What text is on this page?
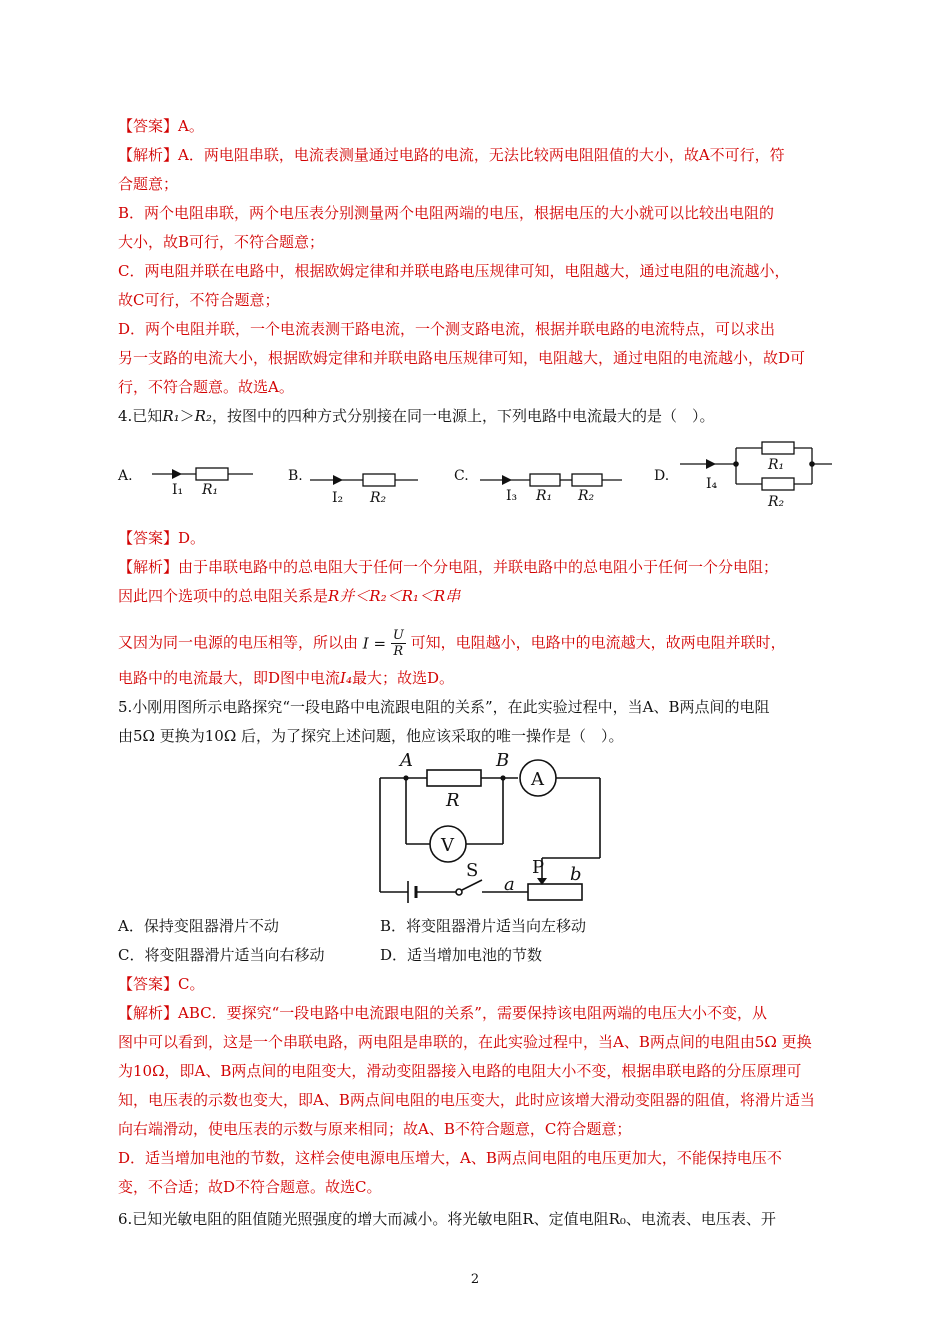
【答案】A。
【解析】A．两电阻串联，电流表测量通过电路的电流，无法比较两电阻阻值的大小，故A不可行，符
合题意；
B．两个电阻串联，两个电压表分别测量两个电阻两端的电压，根据电压的大小就可以比较出电阻的
大小，故B可行，不符合题意；
C．两电阻并联在电路中，根据欧姆定律和并联电路电压规律可知，电阻越大，通过电阻的电流越小，
故C可行，不符合题意；
D．两个电阻并联，一个电流表测干路电流，一个测支路电流，根据并联电路的电流特点，可以求出
另一支路的电流大小，根据欧姆定律和并联电路电压规律可知，电阻越大，通过电阻的电流越小，故D可
行，不符合题意。故选A。
4.已知R₁＞R₂，按图中的四种方式分别接在同一电源上，下列电路中电流最大的是（　）。
A.
I₁ R₁
B.
I₂ R₂
C.
I₃ R₁ R₂
D.	I₄
R₁
R₂
【答案】D。
【解析】由于串联电路中的总电阻大于任何一个分电阻，并联电路中的总电阻小于任何一个分电阻；
因此四个选项中的总电阻关系是R并＜R₂＜R₁＜R串
又因为同一电源的电压相等，所以由 $I = \frac{U}{R}$ 可知，电阻越小，电路中的电流越大，故两电阻并联时，
电路中的电流最大，即D图中电流I₄最大；故选D。
5.小刚用图所示电路探究“一段电路中电流跟电阻的关系”，在此实验过程中，当A、B两点间的电阻
由5Ω 更换为10Ω 后，为了探究上述问题，他应该采取的唯一操作是（　）。
A	B
R
A
V
S	P
a	b
A．保持变阻器滑片不动	B．将变阻器滑片适当向左移动
C．将变阻器滑片适当向右移动	D．适当增加电池的节数
【答案】C。
【解析】ABC．要探究“一段电路中电流跟电阻的关系”，需要保持该电阻两端的电压大小不变，从
图中可以看到，这是一个串联电路，两电阻是串联的，在此实验过程中，当A、B两点间的电阻由5Ω 更换
为10Ω，即A、B两点间的电阻变大，滑动变阻器接入电路的电阻大小不变，根据串联电路的分压原理可
知，电压表的示数也变大，即A、B两点间电阻的电压变大，此时应该增大滑动变阻器的阻值，将滑片适当
向右端滑动，使电压表的示数与原来相同；故A、B不符合题意，C符合题意；
D．适当增加电池的节数，这样会使电源电压增大，A、B两点间电阻的电压更加大，不能保持电压不
变，不合适；故D不符合题意。故选C。
6.已知光敏电阻的阻值随光照强度的增大而减小。将光敏电阻R、定值电阻R₀、电流表、电压表、开
2
